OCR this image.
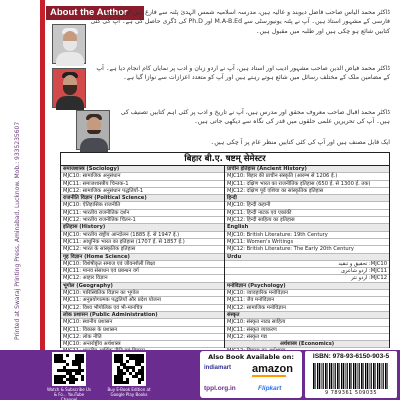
Printed at Swaraj Printing Press, Aminabad, Lucknow. Mob.: 9335235607
About the Author
ڈاکٹر محمد الیاس صاحب فاضل دیوبند و عالیہ ہیں، مدرسہ اسلامیہ شمس الہدیٰ پٹنہ سے فارغ ہیں اور اردو و فارسی کے مشہور استاذ ہیں۔ آپ نے پٹنہ یونیورسٹی سے M.A-B.Ed اور Ph.D کی ڈگری حاصل کی ہے۔ آپ کی کئی کتابیں شائع ہو چکی ہیں اور طلبہ میں مقبول ہیں۔
ڈاکٹر محمد فیاض الدین صاحب مشہور ادیب اور استاد ہیں، آپ نے اردو زبان و ادب پر نمایاں کام انجام دیا ہے۔ آپ کے مضامین ملک کے مختلف رسائل میں شائع ہوتے رہتے ہیں اور آپ کو متعدد اعزازات سے نوازا گیا ہے۔
ڈاکٹر محمد اقبال صاحب معروف محقق اور مدرس ہیں، آپ نے تاریخ و ادب پر کئی اہم کتابیں تصنیف کی ہیں۔ آپ کی تحریریں علمی حلقوں میں قدر کی نگاہ سے دیکھی جاتی ہیں۔
ایک قابل مصنف ہیں اور آپ کی کئی کتابیں منظر عام پر آ چکی ہیں۔
बिहार बी.ए. षष्टम् सेमेस्टर
समाजशास्त्र (Sociology)
MJC10: सामाजिक अनुसंधान
MJC11: समाजशास्त्रीय चिन्तक-1
MJC12: सामाजिक अनुसंधान पद्धतियाँ-1
राजनीति विज्ञान (Political Science)
MJC10: ऐतिहासिक राजनीति
MJC11: भारतीय राजनीतिक दर्शन
MJC12: भारतीय राजनीतिक चिंतन-1
इतिहास (History)
MJC10: भारतीय राष्ट्रीय आन्दोलन (1885 ई. से 1947 ई.)
MJC11: आधुनिक भारत का इतिहास (1707 ई. से 1857 ई.)
MJC12: भारत के सांस्कृतिक इतिहास
गृह विज्ञान (Home Science)
MJC10: विशेषीकृत समाज एवं जीवनशैली शिक्षा
MJC11: मानव संसाधन एवं प्रबन्धन वर्ग
MJC12: आहार विज्ञान
भूगोल (Geography)
MJC10: पारिस्थितिक विज्ञान का भूगोल
MJC11: अनुप्रयोगात्मक पद्धतियाँ और प्रदेश योजना
MJC12: विश्व भौगोलिक एवं भी-मानचित्र
लोक प्रशासन (Public Administration)
MJC10: स्थानीय प्रशासन
MJC11: विकास के प्रशासन
MJC12: लोक नीति
MJC10: अन्तर्राष्ट्रीय अर्थशास्त्र
प्राचीन इतिहास (Ancient History)
MJC10: बिहार की प्राचीन संस्कृति (आरम्भ से 1206 ई.)
MJC11: दक्षिण भारत का राजनीतिक इतिहास (650 ई. से 1300 ई. तक)
MJC12: दक्षिण पूर्व एशिया का सांस्कृतिक इतिहास
हिन्दी
MJC10: हिन्दी कहानी
MJC11: हिन्दी नाटक एवं एकांकी
MJC12: हिन्दी साहित्य का इतिहास
English
MJC10: British Literature: 19th Century
MJC11: Women's Writings
MJC12: British Literature: The Early 20th Century
Urdu
MJC10: تحقیق و تنقید
MJC11: اردو شاعری
MJC12: اردو نثر
मनोविज्ञान (Psychology)
MJC10: व्यावहारिक मनोविज्ञान
MJC11: जैव मनोविज्ञान
MJC12: सामाजिक मनोविज्ञान
संस्कृत
MJC10: संस्कृत नाट्य साहित्य
MJC11: संस्कृत व्याकरण
MJC12: संस्कृत गद्य
अर्थशास्त्र (Economics)
Watch & Subscribe Us & Fo... YouTube Channel
Buy E-Book Edition at Google Play Books
Also Book Available on:
indiamart amazon
tppl.org.in	Flipkart
ISBN: 978-93-6150-903-5
9 789361 509035
